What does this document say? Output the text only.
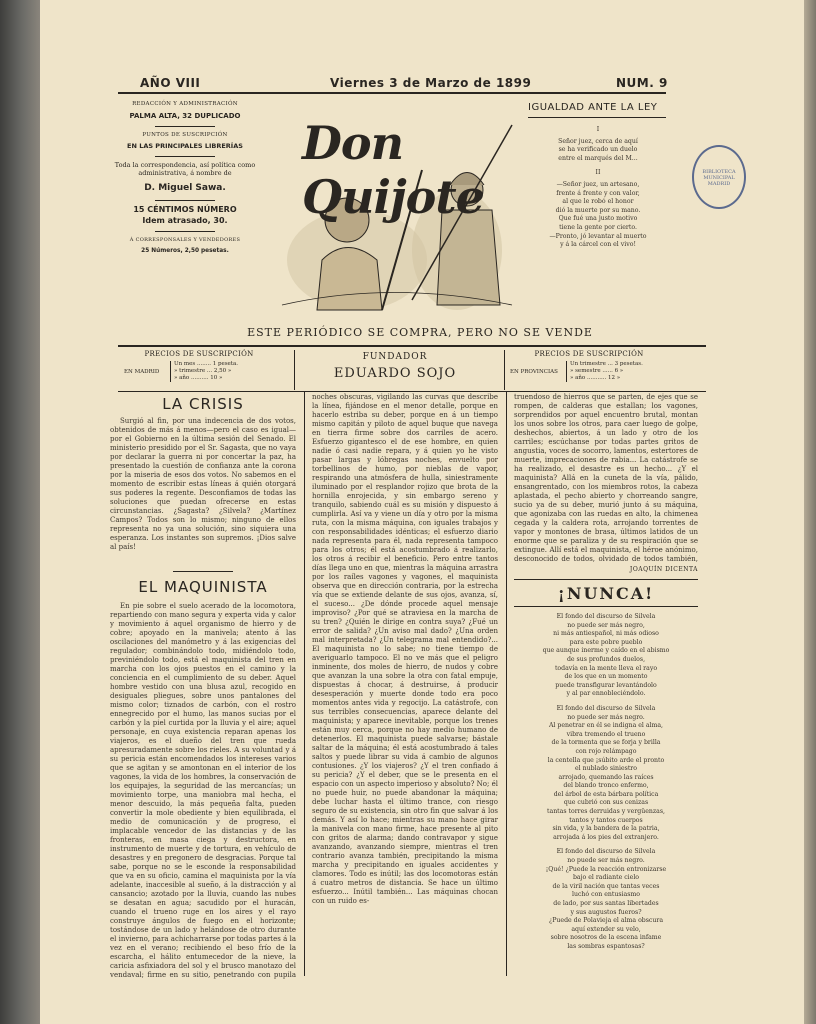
AÑO VIII	Viernes 3 de Marzo de 1899	NUM. 9
REDACCIÓN Y ADMINISTRACIÓN
PALMA ALTA, 32 DUPLICADO
PUNTOS DE SUSCRIPCIÓN
EN LAS PRINCIPALES LIBRERÍAS
Toda la correspondencia, así política como administrativa, á nombre de
D. Miguel Sawa.
15 CÉNTIMOS NÚMERO
Idem atrasado, 30.
Á CORRESPONSALES Y VENDEDORES
25 Números, 2,50 pesetas.
Don Quijote
IGUALDAD ANTE LA LEY
I
Señor juez, cerca de aquí
se ha verificado un duelo
entre el marqués del M...
II
—Señor juez, un artesano,
frente á frente y con valor,
al que le robó el honor
dió la muerte por su mano.
Que fué una justo motivo
tiene la gente por cierto.
—Pronto, jó levantar al muerto
y á la cárcel con el vivo!
BIBLIOTECA MUNICIPAL MADRID
ESTE PERIÓDICO SE COMPRA, PERO NO SE VENDE
PRECIOS DE SUSCRIPCIÓN
EN MADRID
Un mes ........ 1 peseta.
» trimestre ... 2,50 »
» año .......... 10 »
FUNDADOR
EDUARDO SOJO
PRECIOS DE SUSCRIPCIÓN
EN PROVINCIAS
Un trimestre ... 3 pesetas.
» semestre ...... 6 »
» año ........... 12 »
LA CRISIS

Surgió al fin, por una indecencia de dos votos, obtenidos de más á menos—pero el caso es igual—por el Gobierno en la última sesión del Senado. El ministerio presidido por el Sr. Sagasta, que no vaya por declarar la guerra ni por concertar la paz, ha presentado la cuestión de confianza ante la corona por la miseria de esos dos votos. No sabemos en el momento de escribir estas líneas á quién otorgará sus poderes la regente. Desconfiamos de todas las soluciones que puedan ofrecerse en estas circunstancias. ¿Sagasta? ¿Silvela? ¿Martínez Campos? Todos son lo mismo; ninguno de ellos representa no ya una solución, sino siquiera una esperanza. Los instantes son supremos. ¡Dios salve al país!

EL MAQUINISTA

En pie sobre el suelo acerado de la locomotora, repartiendo con mano segura y experta vida y calor y movimiento á aquel organismo de hierro y de cobre; apoyado en la manivela; atento á las oscilaciones del manómetro y á las exigencias del regulador; combinándolo todo, midiéndolo todo, previniéndolo todo, está el maquinista del tren en marcha con los ojos puestos en el camino y la conciencia en el cumplimiento de su deber. Aquel hombre vestido con una blusa azul, recogido en desiguales pliegues, sobre unos pantalones del mismo color; tiznados de carbón, con el rostro ennegrecido por el humo, las manos sucias por el carbón y la piel curtida por la lluvia y el aire; aquel personaje, en cuya existencia reparan apenas los viajeros, es el dueño del tren que rueda apresuradamente sobre los rieles. A su voluntad y á su pericia están encomendados los intereses varios que se agitan y se amontonan en el interior de los vagones, la vida de los hombres, la conservación de los equipajes, la seguridad de las mercancías; un movimiento torpe, una maniobra mal hecha, el menor descuido, la más pequeña falta, pueden convertir la mole obediente y bien equilibrada, el medio de comunicación y de progreso, el implacable vencedor de las distancias y de las fronteras, en masa ciega y destructora, en instrumento de muerte y de tortura, en vehículo de desastres y en pregonero de desgracias. Porque tal sabe, porque no se le esconde la responsabilidad que va en su oficio, camina el maquinista por la vía adelante, inaccesible al sueño, á la distracción y al cansancio; azotado por la lluvia, cuando las nubes se desatan en agua; sacudido por el huracán, cuando el trueno ruge en los aires y el rayo construye ángulos de fuego en el horizonte; tostándose de un lado y helándose de otro durante el invierno, para achicharrarse por todas partes á la vez en el verano; recibiendo el beso frío de la escarcha, el hálito entumecedor de la nieve, la caricia asfixiadora del sol y el brusco manotazo del vendaval; firme en su sitio, penetrando con pupila

noches obscuras, vigilando las curvas que describe la línea, fijándose en el menor detalle, porque en hacerlo estriba su deber, porque en á un tiempo mismo capitán y piloto de aquel buque que navega en tierra firme sobre dos carriles de acero. Esfuerzo gigantesco el de ese hombre, en quien nadie ó casi nadie repara, y á quien yo he visto pasar largas y lóbregas noches, envuelto por torbellinos de humo, por nieblas de vapor, respirando una atmósfera de hulla, siniestramente iluminado por el resplandor rojizo que brota de la hornilla enrojecida, y sin embargo sereno y tranquilo, sabiendo cuál es su misión y dispuesto á cumplirla. Así va y viene un día y otro por la misma ruta, con la misma máquina, con iguales trabajos y con responsabilidades idénticas; el esfuerzo diario nada representa para él, nada representa tampoco para los otros; él está acostumbrado á realizarlo, los otros á recibir el beneficio. Pero entre tantos días llega uno en que, mientras la máquina arrastra por los raíles vagones y vagones, el maquinista observa que en dirección contraria, por la estrecha vía que se extiende delante de sus ojos, avanza, sí, el suceso... ¿De dónde procede aquel mensaje improviso? ¿Por qué se atraviesa en la marcha de su tren? ¿Quién le dirige en contra suya? ¿Fué un error de salida? ¿Un aviso mal dado? ¿Una orden mal interpretada? ¿Un telegrama mal entendido?... El maquinista no lo sabe; no tiene tiempo de averiguarlo tampoco. El no ve más que el peligro inminente, dos moles de hierro, de nudos y cobre que avanzan la una sobre la otra con fatal empuje, dispuestas á chocar, á destruirse, á producir desesperación y muerte donde todo era poco momentos antes vida y regocijo. La catástrofe, con sus terribles consecuencias, aparece delante del maquinista; y aparece inevitable, porque los trenes están muy cerca, porque no hay medio humano de detenerlos. El maquinista puede salvarse; bástale saltar de la máquina; él está acostumbrado á tales saltos y puede librar su vida á cambio de algunos contusiones. ¿Y los viajeros? ¿Y el tren confiado á su pericia? ¿Y el deber, que se le presenta en el espacio con un aspecto imperioso y absoluto? No; él no puede huir, no puede abandonar la máquina; debe luchar hasta el último trance, con riesgo seguro de su existencia, sin otro fin que salvar á los demás. Y así lo hace; mientras su mano hace girar la manivela con mano firme, hace presente al pito con gritos de alarma; dando contravapor y sigue avanzando, avanzando siempre, mientras el tren contrario avanza también, precipitando la misma marcha y precipitando en iguales accidentes y clamores. Todo es inútil; las dos locomotoras están á cuatro metros de distancia. Se hace un último esfuerzo... Inútil también... Las máquinas chocan con un ruido es-

truendoso de hierros que se parten, de ejes que se rompen, de calderas que estallan; los vagones, sorprendidos por aquel encuentro brutal, montan los unos sobre los otros, para caer luego de golpe, deshechos, abiertos, á un lado y otro de los carriles; escúchanse por todas partes gritos de angustia, voces de socorro, lamentos, estertores de muerte, imprecaciones de rabia... La catástrofe se ha realizado, el desastre es un hecho... ¿Y el maquinista? Allá en la cuneta de la vía, pálido, ensangrentado, con los miembros rotos, la cabeza aplastada, el pecho abierto y chorreando sangre, sucio ya de su deber, murió junto á su máquina, que agonizaba con las ruedas en alto, la chimenea cegada y la caldera rota, arrojando torrentes de vapor y montones de brasa, últimos latidos de un enorme que se paraliza y de su respiración que se extingue. Allí está el maquinista, el héroe anónimo, desconocido de todos, olvidado de todos también,

JOAQUÍN DICENTA
¡NUNCA!
El fondo del discurso de Silvela
no puede ser más negro,
ni más antiespañol, ni más odioso
para este pobre pueblo
que aunque inerme y caído en el abismo
de sus profundos duelos,
todavía en la mente lleva el rayo
de los que en un momento
puede transfigurar levantándolo
y al par ennobleciéndolo.
El fondo del discurso de Silvela
no puede ser más negro.
Al penetrar en él se indigna el alma,
vibra tremendo el trueno
de la tormenta que se forja y brilla
con rojo relámpago
la centella que ¡súbito arde el pronto
el nublado siniestro
arrojado, quemando las raíces
del blando tronco enfermo,
del árbol de esta bárbara política
que cubrió con sus cenizas
tantas torres derruidas y vergüenzas,
tantos y tantos cuerpos
sin vida, y la bandera de la patria,
arrojada á los pies del extranjero.
El fondo del discurso de Silvela
no puede ser más negro.
¡Qué! ¿Puede la reacción entronizarse
bajo el radiante cielo
de la viril nación que tantas veces
luchó con entusiasmo
de lado, por sus santas libertades
y sus augustos fueros?
¿Puede de Polavieja el alma obscura
aquí extender su velo,
sobre nosotros de la escena infame
las sombras espantosas?
